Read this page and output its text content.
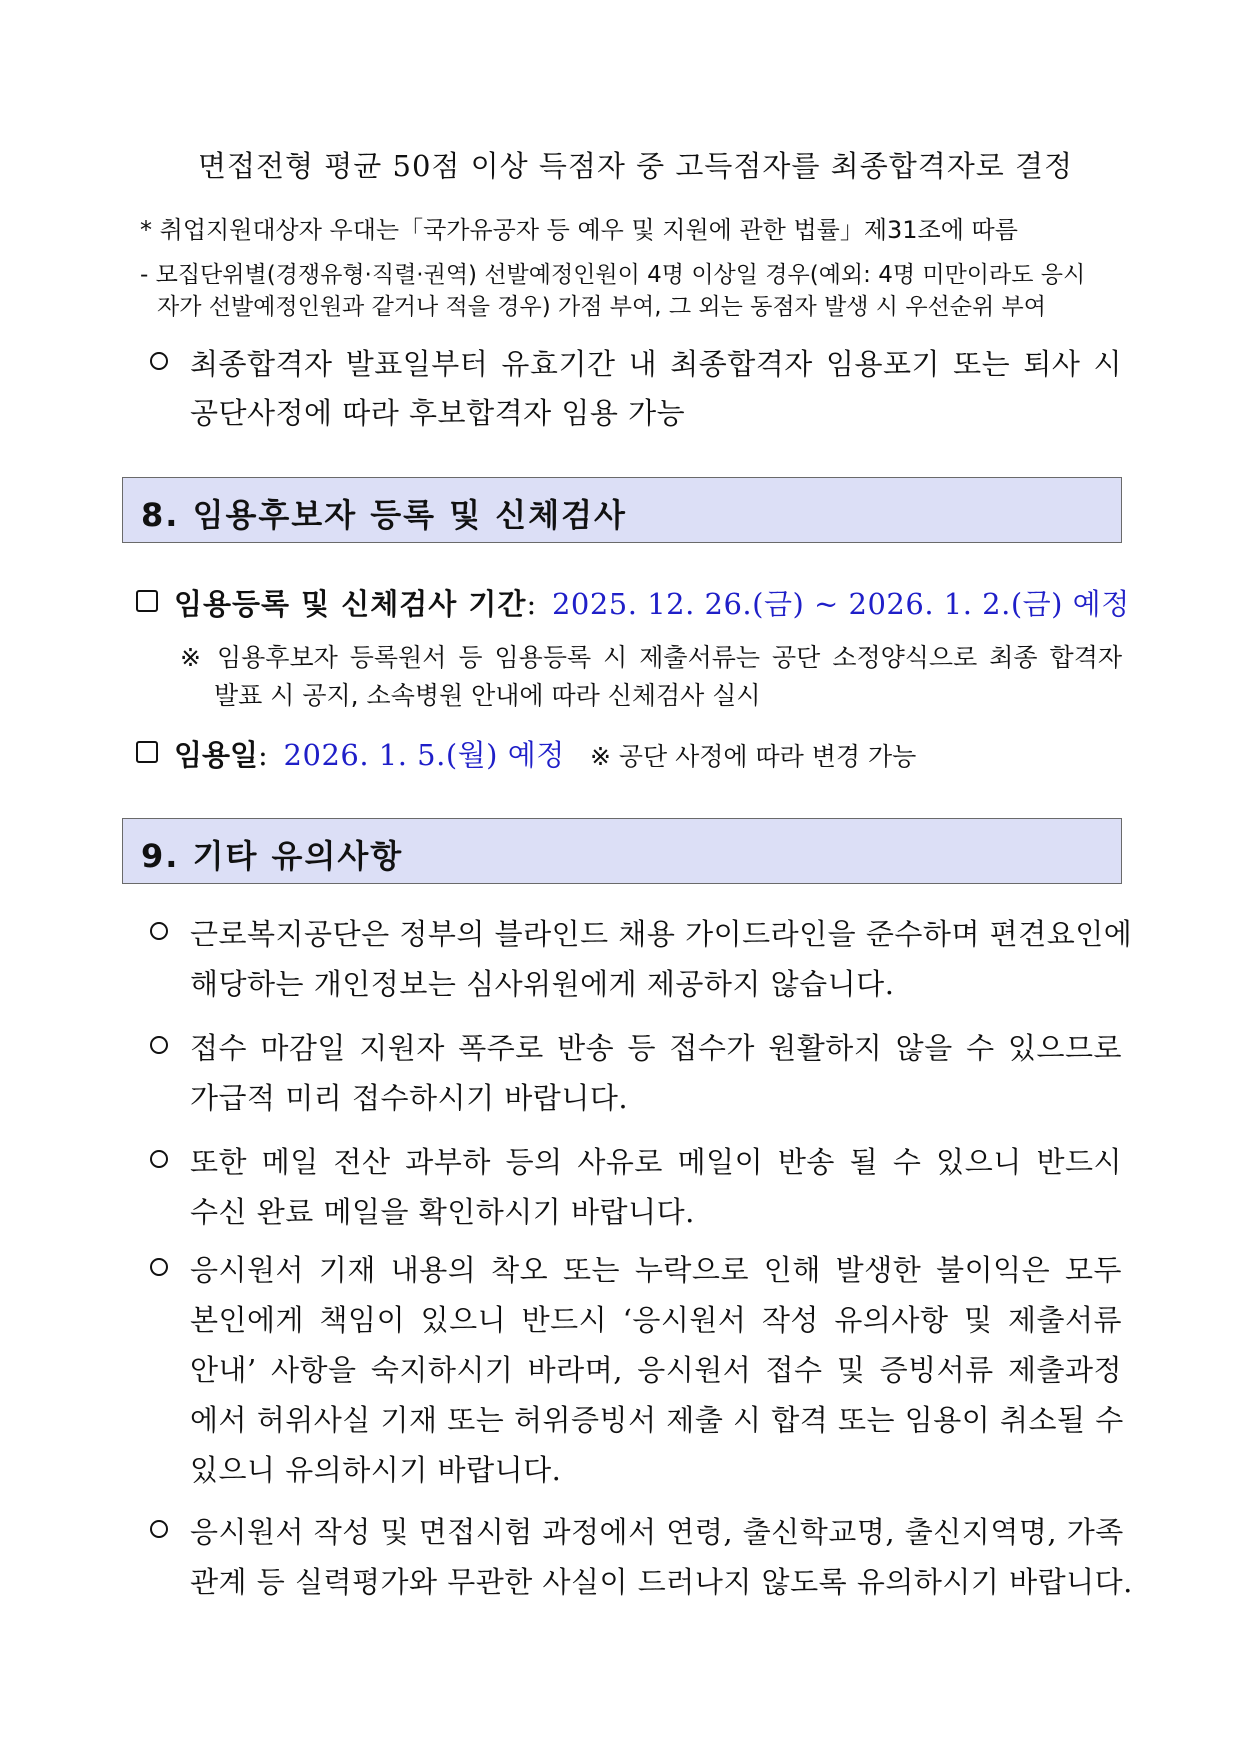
면접전형 평균 50점 이상 득점자 중 고득점자를 최종합격자로 결정
* 취업지원대상자 우대는「국가유공자 등 예우 및 지원에 관한 법률」제31조에 따름
- 모집단위별(경쟁유형·직렬·권역) 선발예정인원이 4명 이상일 경우(예외: 4명 미만이라도 응시
자가 선발예정인원과 같거나 적을 경우) 가점 부여, 그 외는 동점자 발생 시 우선순위 부여
최종합격자 발표일부터 유효기간 내 최종합격자 임용포기 또는 퇴사 시
공단사정에 따라 후보합격자 임용 가능
8. 임용후보자 등록 및 신체검사
임용등록 및 신체검사 기간: 2025. 12. 26.(금) ~ 2026. 1. 2.(금) 예정
※ 임용후보자 등록원서 등 임용등록 시 제출서류는 공단 소정양식으로 최종 합격자
발표 시 공지, 소속병원 안내에 따라 신체검사 실시
임용일: 2026. 1. 5.(월) 예정 ※ 공단 사정에 따라 변경 가능
9. 기타 유의사항
근로복지공단은 정부의 블라인드 채용 가이드라인을 준수하며 편견요인에
해당하는 개인정보는 심사위원에게 제공하지 않습니다.
접수 마감일 지원자 폭주로 반송 등 접수가 원활하지 않을 수 있으므로
가급적 미리 접수하시기 바랍니다.
또한 메일 전산 과부하 등의 사유로 메일이 반송 될 수 있으니 반드시
수신 완료 메일을 확인하시기 바랍니다.
응시원서 기재 내용의 착오 또는 누락으로 인해 발생한 불이익은 모두
본인에게 책임이 있으니 반드시 ‘응시원서 작성 유의사항 및 제출서류
안내’ 사항을 숙지하시기 바라며, 응시원서 접수 및 증빙서류 제출과정
에서 허위사실 기재 또는 허위증빙서 제출 시 합격 또는 임용이 취소될 수
있으니 유의하시기 바랍니다.
응시원서 작성 및 면접시험 과정에서 연령, 출신학교명, 출신지역명, 가족
관계 등 실력평가와 무관한 사실이 드러나지 않도록 유의하시기 바랍니다.
